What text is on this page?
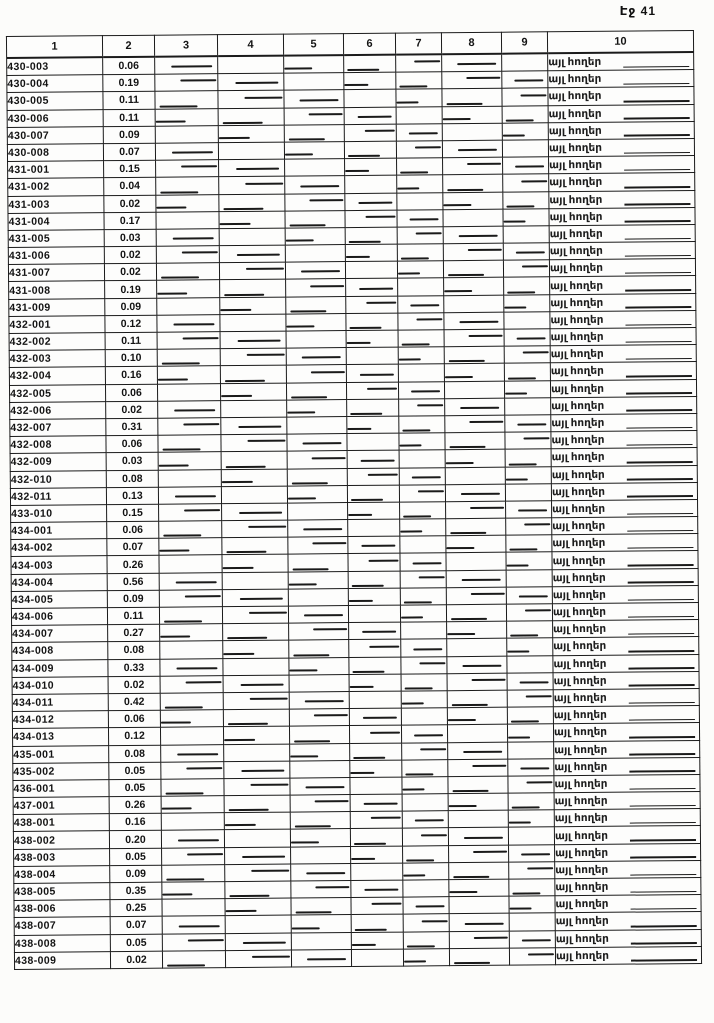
Էջ 41
1	2	3	4	5	6	7	8	9	10
430-003	0.06								այլ հողեր
430-004	0.19								այլ հողեր
430-005	0.11								այլ հողեր
430-006	0.11								այլ հողեր
430-007	0.09								այլ հողեր
430-008	0.07								այլ հողեր
431-001	0.15								այլ հողեր
431-002	0.04								այլ հողեր
431-003	0.02								այլ հողեր
431-004	0.17								այլ հողեր
431-005	0.03								այլ հողեր
431-006	0.02								այլ հողեր
431-007	0.02								այլ հողեր
431-008	0.19								այլ հողեր
431-009	0.09								այլ հողեր
432-001	0.12								այլ հողեր
432-002	0.11								այլ հողեր
432-003	0.10								այլ հողեր
432-004	0.16								այլ հողեր
432-005	0.06								այլ հողեր
432-006	0.02								այլ հողեր
432-007	0.31								այլ հողեր
432-008	0.06								այլ հողեր
432-009	0.03								այլ հողեր
432-010	0.08								այլ հողեր
432-011	0.13								այլ հողեր
433-010	0.15								այլ հողեր
434-001	0.06								այլ հողեր
434-002	0.07								այլ հողեր
434-003	0.26								այլ հողեր
434-004	0.56								այլ հողեր
434-005	0.09								այլ հողեր
434-006	0.11								այլ հողեր
434-007	0.27								այլ հողեր
434-008	0.08								այլ հողեր
434-009	0.33								այլ հողեր
434-010	0.02								այլ հողեր
434-011	0.42								այլ հողեր
434-012	0.06								այլ հողեր
434-013	0.12								այլ հողեր
435-001	0.08								այլ հողեր
435-002	0.05								այլ հողեր
436-001	0.05								այլ հողեր
437-001	0.26								այլ հողեր
438-001	0.16								այլ հողեր
438-002	0.20								այլ հողեր
438-003	0.05								այլ հողեր
438-004	0.09								այլ հողեր
438-005	0.35								այլ հողեր
438-006	0.25								այլ հողեր
438-007	0.07								այլ հողեր
438-008	0.05								այլ հողեր
438-009	0.02								այլ հողեր
